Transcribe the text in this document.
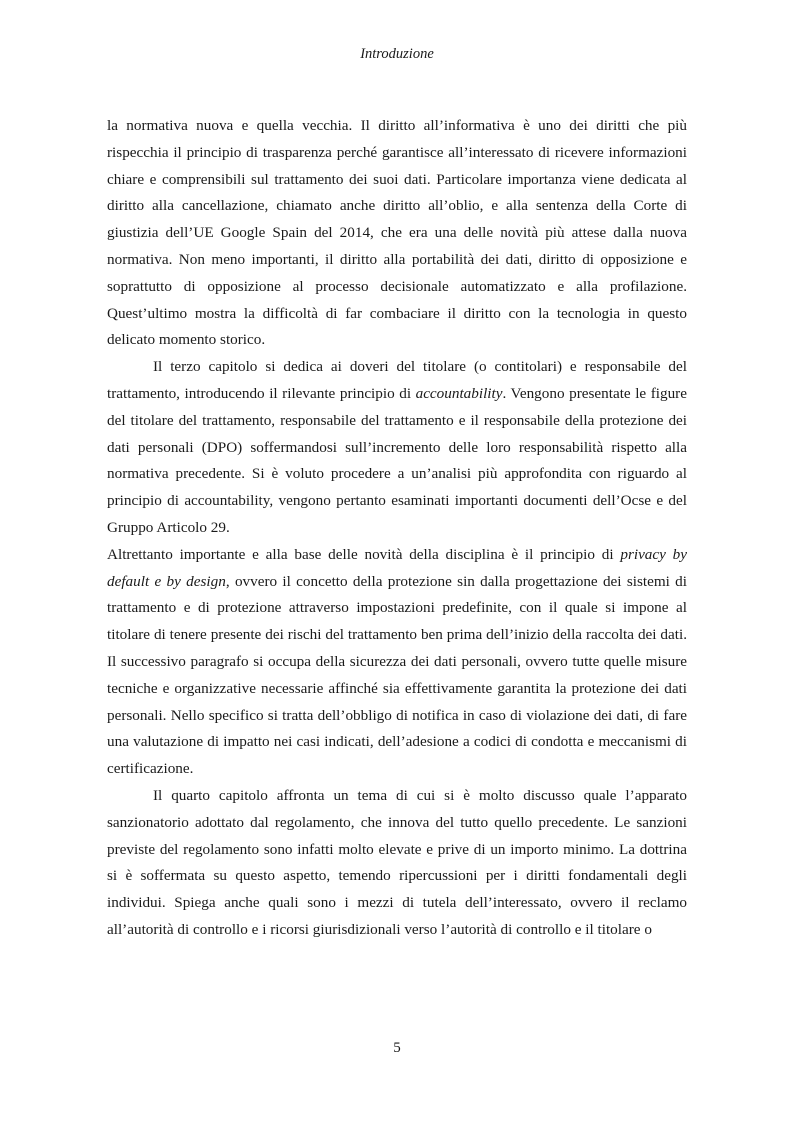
Introduzione

la normativa nuova e quella vecchia. Il diritto all’informativa è uno dei diritti che più rispecchia il principio di trasparenza perché garantisce all’interessato di ricevere informazioni chiare e comprensibili sul trattamento dei suoi dati. Particolare importanza viene dedicata al diritto alla cancellazione, chiamato anche diritto all’oblio, e alla sentenza della Corte di giustizia dell’UE Google Spain del 2014, che era una delle novità più attese dalla nuova normativa. Non meno importanti, il diritto alla portabilità dei dati, diritto di opposizione e soprattutto di opposizione al processo decisionale automatizzato e alla profilazione. Quest’ultimo mostra la difficoltà di far combaciare il diritto con la tecnologia in questo delicato momento storico.

Il terzo capitolo si dedica ai doveri del titolare (o contitolari) e responsabile del trattamento, introducendo il rilevante principio di accountability. Vengono presentate le figure del titolare del trattamento, responsabile del trattamento e il responsabile della protezione dei dati personali (DPO) soffermandosi sull’incremento delle loro responsabilità rispetto alla normativa precedente. Si è voluto procedere a un’analisi più approfondita con riguardo al principio di accountability, vengono pertanto esaminati importanti documenti dell’Ocse e del Gruppo Articolo 29.

Altrettanto importante e alla base delle novità della disciplina è il principio di privacy by default e by design, ovvero il concetto della protezione sin dalla progettazione dei sistemi di trattamento e di protezione attraverso impostazioni predefinite, con il quale si impone al titolare di tenere presente dei rischi del trattamento ben prima dell’inizio della raccolta dei dati. Il successivo paragrafo si occupa della sicurezza dei dati personali, ovvero tutte quelle misure tecniche e organizzative necessarie affinché sia effettivamente garantita la protezione dei dati personali. Nello specifico si tratta dell’obbligo di notifica in caso di violazione dei dati, di fare una valutazione di impatto nei casi indicati, dell’adesione a codici di condotta e meccanismi di certificazione.

Il quarto capitolo affronta un tema di cui si è molto discusso quale l’apparato sanzionatorio adottato dal regolamento, che innova del tutto quello precedente. Le sanzioni previste del regolamento sono infatti molto elevate e prive di un importo minimo. La dottrina si è soffermata su questo aspetto, temendo ripercussioni per i diritti fondamentali degli individui. Spiega anche quali sono i mezzi di tutela dell’interessato, ovvero il reclamo all’autorità di controllo e i ricorsi giurisdizionali verso l’autorità di controllo e il titolare o

5
